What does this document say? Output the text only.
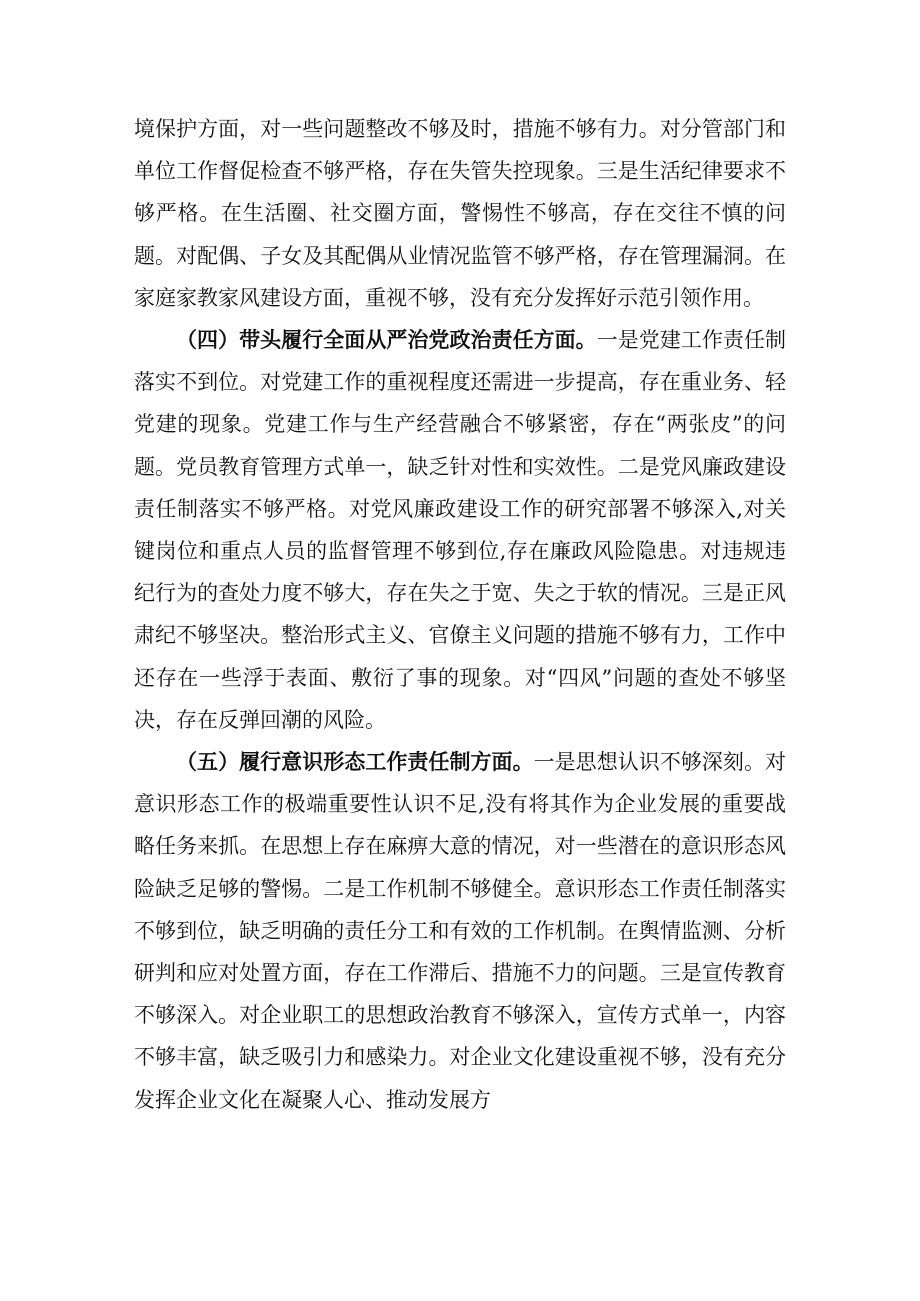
境保护方面，对一些问题整改不够及时，措施不够有力。对分管部门和单位工作督促检查不够严格，存在失管失控现象。三是生活纪律要求不够严格。在生活圈、社交圈方面，警惕性不够高，存在交往不慎的问题。对配偶、子女及其配偶从业情况监管不够严格，存在管理漏洞。在家庭家教家风建设方面，重视不够，没有充分发挥好示范引领作用。

（四）带头履行全面从严治党政治责任方面。一是党建工作责任制落实不到位。对党建工作的重视程度还需进一步提高，存在重业务、轻党建的现象。党建工作与生产经营融合不够紧密，存在“两张皮”的问题。党员教育管理方式单一，缺乏针对性和实效性。二是党风廉政建设责任制落实不够严格。对党风廉政建设工作的研究部署不够深入,对关键岗位和重点人员的监督管理不够到位,存在廉政风险隐患。对违规违纪行为的查处力度不够大，存在失之于宽、失之于软的情况。三是正风肃纪不够坚决。整治形式主义、官僚主义问题的措施不够有力，工作中还存在一些浮于表面、敷衍了事的现象。对“四风”问题的查处不够坚决，存在反弹回潮的风险。

（五）履行意识形态工作责任制方面。一是思想认识不够深刻。对意识形态工作的极端重要性认识不足,没有将其作为企业发展的重要战略任务来抓。在思想上存在麻痹大意的情况，对一些潜在的意识形态风险缺乏足够的警惕。二是工作机制不够健全。意识形态工作责任制落实不够到位，缺乏明确的责任分工和有效的工作机制。在舆情监测、分析研判和应对处置方面，存在工作滞后、措施不力的问题。三是宣传教育不够深入。对企业职工的思想政治教育不够深入，宣传方式单一，内容不够丰富，缺乏吸引力和感染力。对企业文化建设重视不够，没有充分发挥企业文化在凝聚人心、推动发展方
